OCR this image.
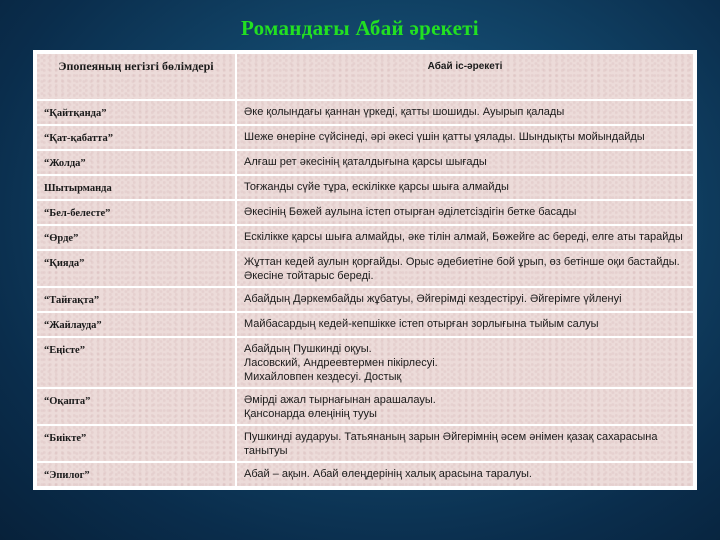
Романдағы Абай әрекеті
Эпопеяның негізгі бөлімдері	Абай іс-әрекеті
“Қайтқанда”	Әке қолындағы қаннан үркеді, қатты шошиды. Ауырып қалады

“Қат-қабатта”	Шеже өнеріне сүйсінеді, әрі әкесі үшін қатты ұялады. Шындықты мойындайды

“Жолда”	Алғаш рет әкесінің қаталдығына қарсы шығады

Шытырманда	Тоғжанды сүйе тұра, ескілікке қарсы шыға алмайды

“Бел-белесте”	Әкесінің Бөжей аулына істеп отырған әділетсіздігін бетке басады

“Өрде”	Ескілікке қарсы шыға алмайды, әке тілін алмай, Бөжейге ас береді, елге аты тарайды

“Қияда”	Жұттан кедей аулын қорғайды. Орыс әдебиетіне бой ұрып, өз бетінше оқи бастайды. Әкесіне тойтарыс береді.

“Тайғақта”	Абайдың Дәркембайды жұбатуы, Әйгерімді кездестіруі. Әйгерімге үйленуі

“Жайлауда”	Майбасардың кедей-кепшікке істеп отырған зорлығына тыйым салуы

“Еңісте”	Абайдың Пушкинді оқуы.
Ласовский, Андреевтермен пікірлесуі.
Михайловпен кездесуі. Достық

“Оқапта”	Әмірді ажал тырнағынан арашалауы.
Қансонарда өлеңінің тууы

“Биікте”	Пушкинді аударуы. Татьянаның зарын Әйгерімнің әсем әнімен қазақ сахарасына танытуы

“Эпилог”	Абай – ақын. Абай өлеңдерінің халық арасына таралуы.
